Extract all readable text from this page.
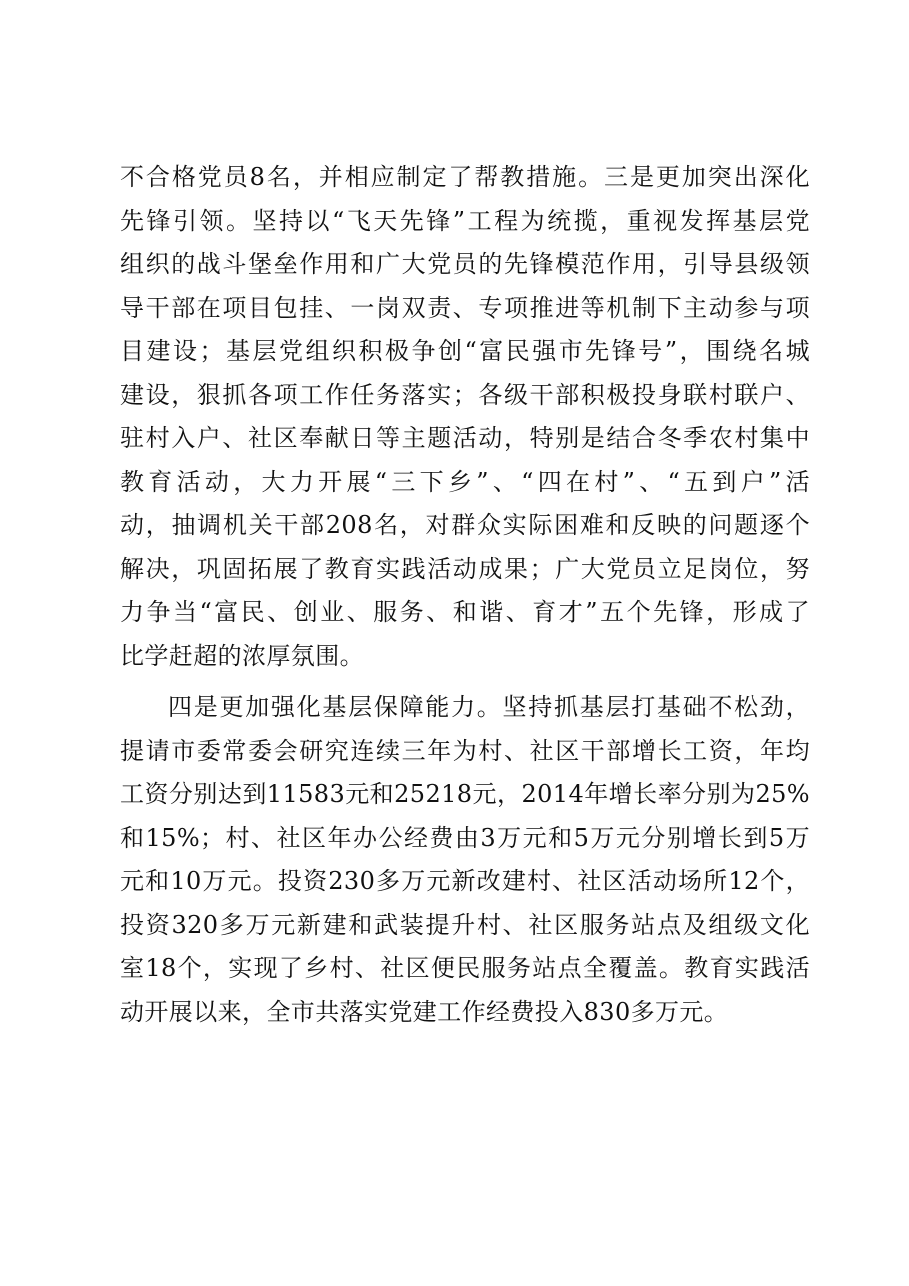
不合格党员8名，并相应制定了帮教措施。三是更加突出深化
先锋引领。坚持以“飞天先锋”工程为统揽，重视发挥基层党
组织的战斗堡垒作用和广大党员的先锋模范作用，引导县级领
导干部在项目包挂、一岗双责、专项推进等机制下主动参与项
目建设；基层党组织积极争创“富民强市先锋号”，围绕名城
建设，狠抓各项工作任务落实；各级干部积极投身联村联户、
驻村入户、社区奉献日等主题活动，特别是结合冬季农村集中
教育活动，大力开展“三下乡”、“四在村”、“五到户”活
动，抽调机关干部208名，对群众实际困难和反映的问题逐个
解决，巩固拓展了教育实践活动成果；广大党员立足岗位，努
力争当“富民、创业、服务、和谐、育才”五个先锋，形成了
比学赶超的浓厚氛围。
四是更加强化基层保障能力。坚持抓基层打基础不松劲，
提请市委常委会研究连续三年为村、社区干部增长工资，年均
工资分别达到11583元和25218元，2014年增长率分别为25%
和15%；村、社区年办公经费由3万元和5万元分别增长到5万
元和10万元。投资230多万元新改建村、社区活动场所12个，
投资320多万元新建和武装提升村、社区服务站点及组级文化
室18个，实现了乡村、社区便民服务站点全覆盖。教育实践活
动开展以来，全市共落实党建工作经费投入830多万元。
